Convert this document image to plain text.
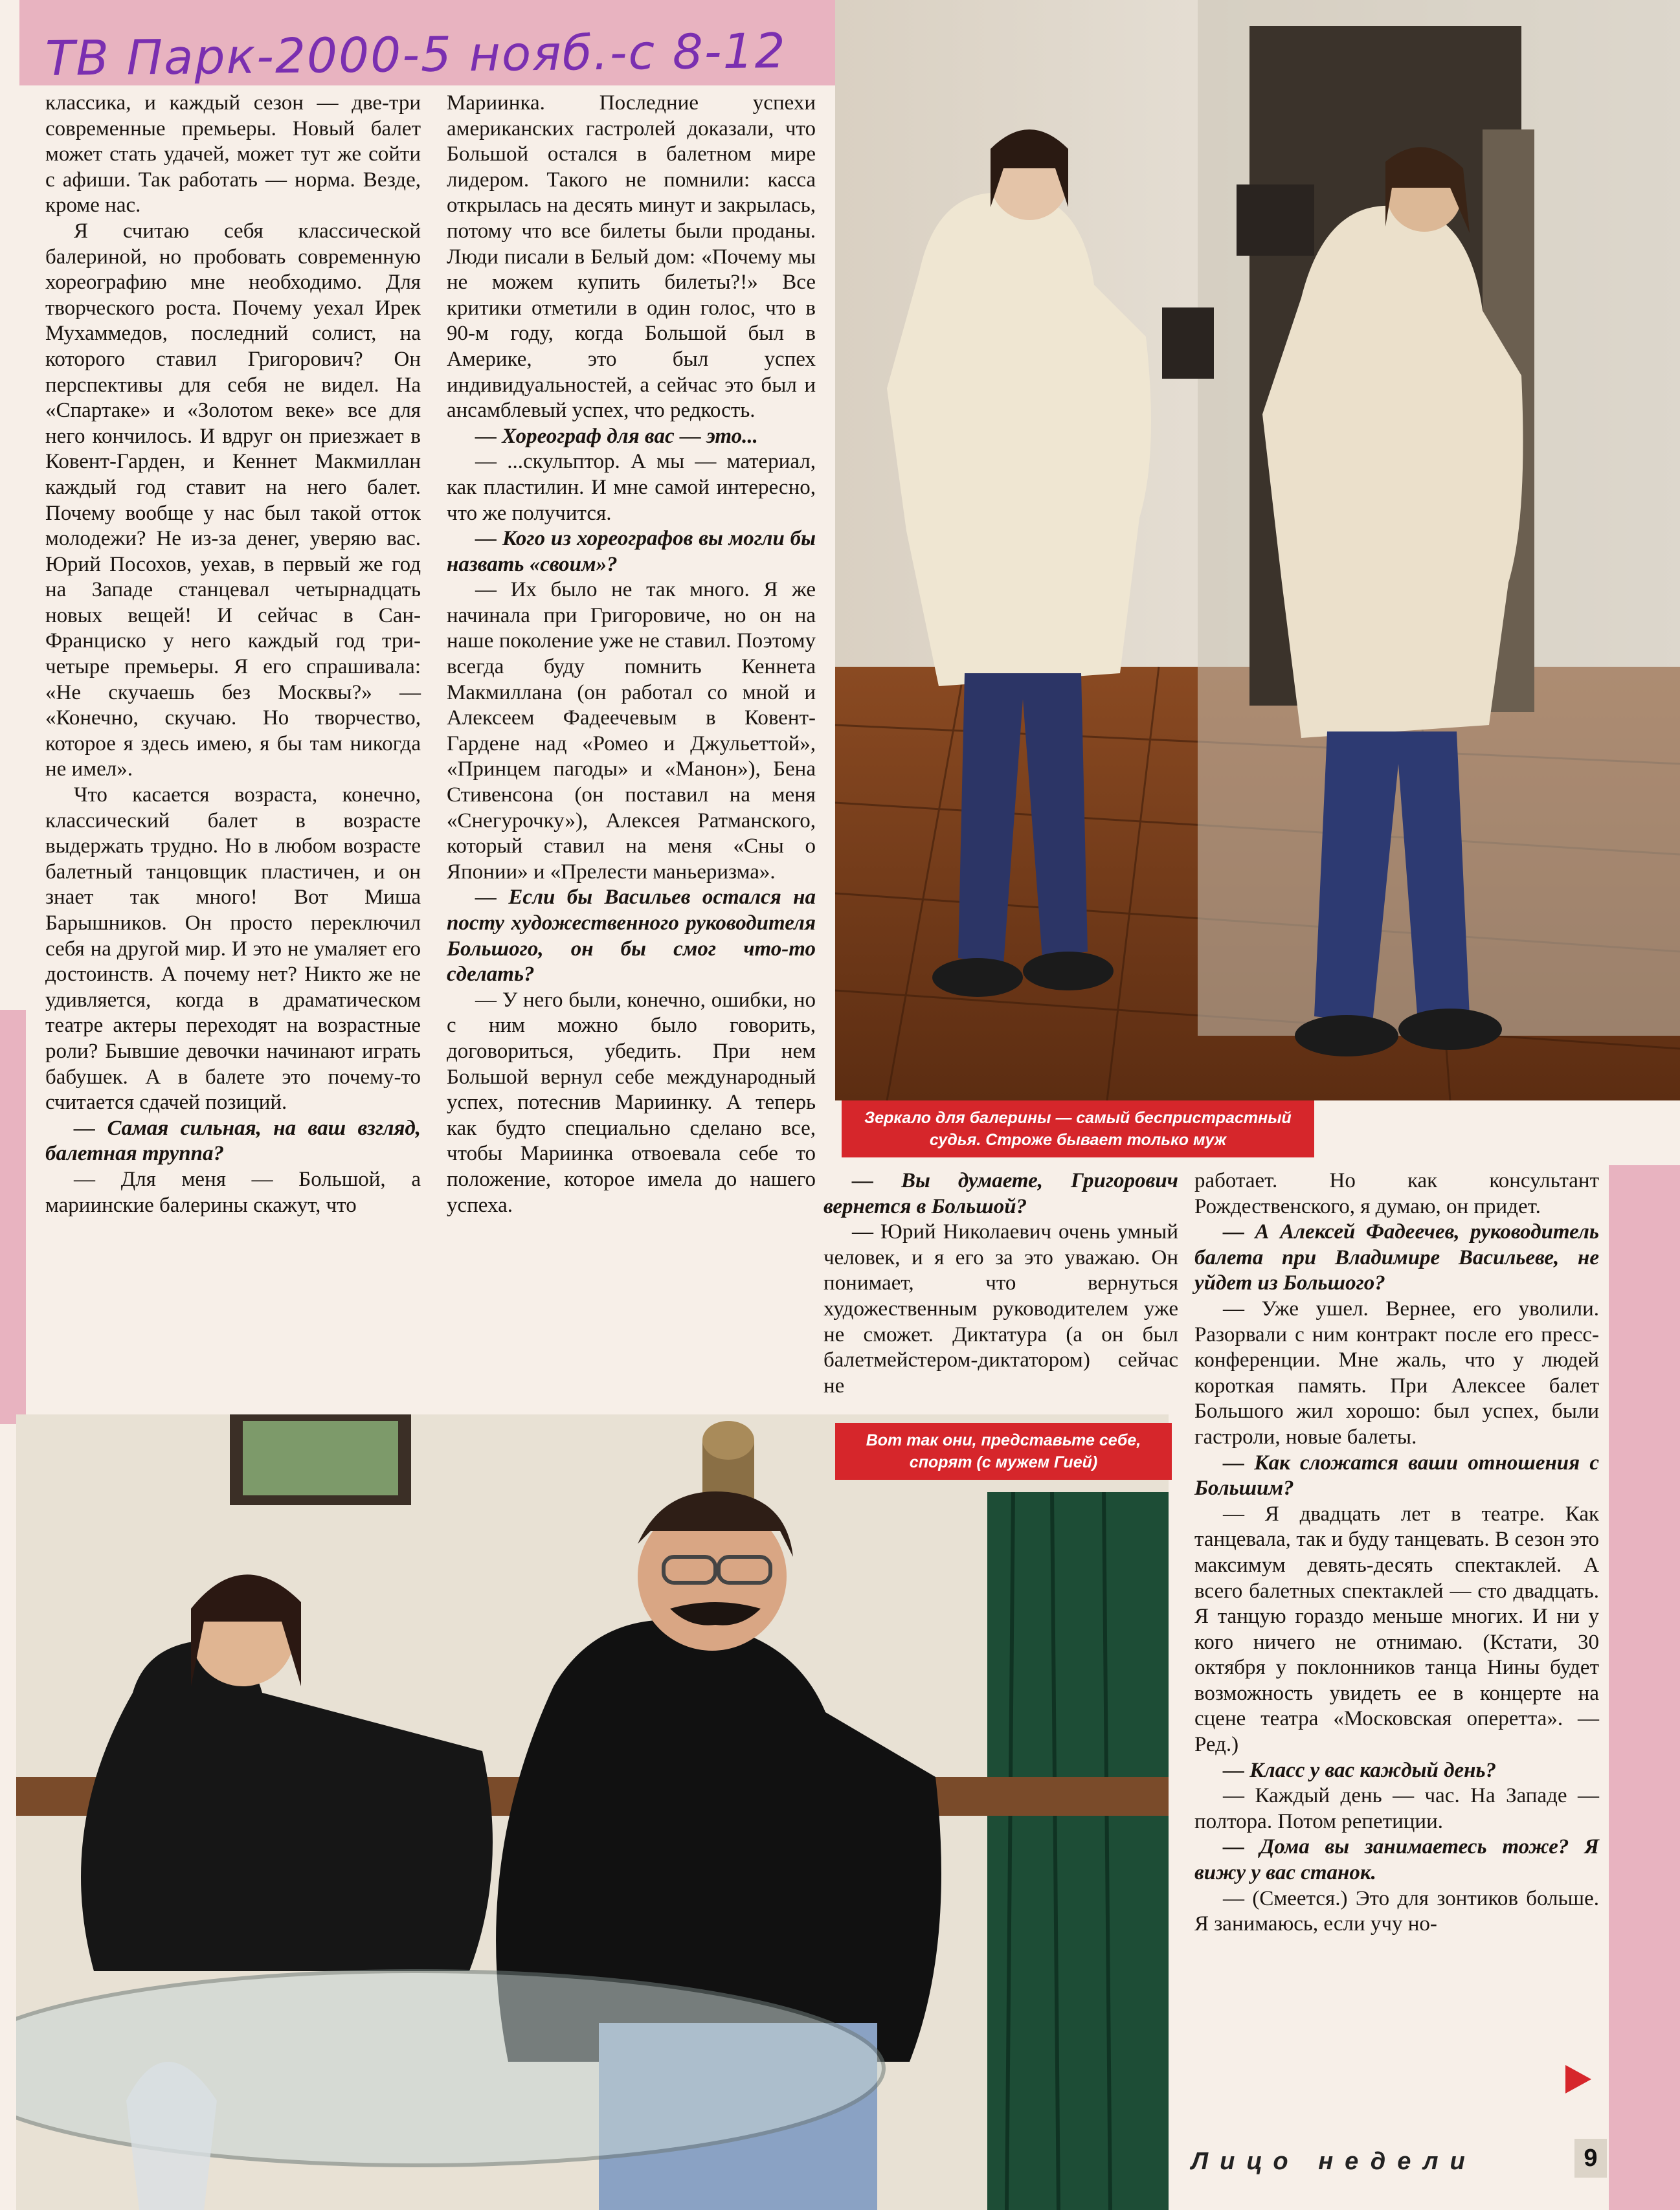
ТВ Парк-2000-5 нояб.-с 8-12

классика, и каждый сезон — две-три современные премьеры. Новый балет может стать удачей, может тут же сойти с афиши. Так работать — норма. Везде, кроме нас.

Я считаю себя классической балериной, но пробовать современную хореографию мне необходимо. Для творческого роста. Почему уехал Ирек Мухаммедов, последний солист, на которого ставил Григорович? Он перспективы для себя не видел. На «Спартаке» и «Золотом веке» все для него кончилось. И вдруг он приезжает в Ковент-Гарден, и Кеннет Макмиллан каждый год ставит на него балет. Почему вообще у нас был такой отток молодежи? Не из-за денег, уверяю вас. Юрий Посохов, уехав, в первый же год на Западе станцевал четырнадцать новых вещей! И сейчас в Сан-Франциско у него каждый год три-четыре премьеры. Я его спрашивала: «Не скучаешь без Москвы?» — «Конечно, скучаю. Но творчество, которое я здесь имею, я бы там никогда не имел».

Что касается возраста, конечно, классический балет в возрасте выдержать трудно. Но в любом возрасте балетный танцовщик пластичен, и он знает так много! Вот Миша Барышников. Он просто переключил себя на другой мир. И это не умаляет его достоинств. А почему нет? Никто же не удивляется, когда в драматическом театре актеры переходят на возрастные роли? Бывшие девочки начинают играть бабушек. А в балете это почему-то считается сдачей позиций.

— Самая сильная, на ваш взгляд, балетная труппа?

— Для меня — Большой, а мариинские балерины скажут, что

Мариинка. Последние успехи американских гастролей доказали, что Большой остался в балетном мире лидером. Такого не помнили: касса открылась на десять минут и закрылась, потому что все билеты были проданы. Люди писали в Белый дом: «Почему мы не можем купить билеты?!» Все критики отметили в один голос, что в 90-м году, когда Большой был в Америке, это был успех индивидуальностей, а сейчас это был и ансамблевый успех, что редкость.

— Хореограф для вас — это...

— ...скульптор. А мы — материал, как пластилин. И мне самой интересно, что же получится.

— Кого из хореографов вы могли бы назвать «своим»?

— Их было не так много. Я же начинала при Григоровиче, но он на наше поколение уже не ставил. Поэтому всегда буду помнить Кеннета Макмиллана (он работал со мной и Алексеем Фадеечевым в Ковент-Гардене над «Ромео и Джульеттой», «Принцем пагоды» и «Манон»), Бена Стивенсона (он поставил на меня «Снегурочку»), Алексея Ратманского, который ставил на меня «Сны о Японии» и «Прелести маньеризма».

— Если бы Васильев остался на посту художественного руководителя Большого, он бы смог что-то сделать?

— У него были, конечно, ошибки, но с ним можно было говорить, договориться, убедить. При нем Большой вернул себе международный успех, потеснив Мариинку. А теперь как будто специально сделано все, чтобы Мариинка отвоевала себе то положение, которое имела до нашего успеха.

— Вы думаете, Григорович вернется в Большой?

— Юрий Николаевич очень умный человек, и я его за это уважаю. Он понимает, что вернуться художественным руководителем уже не сможет. Диктатура (а он был балетмейстером-диктатором) сейчас не

работает. Но как консультант Рождественского, я думаю, он придет.

— А Алексей Фадеечев, руководитель балета при Владимире Васильеве, не уйдет из Большого?

— Уже ушел. Вернее, его уволили. Разорвали с ним контракт после его пресс-конференции. Мне жаль, что у людей короткая память. При Алексее балет Большого жил хорошо: был успех, были гастроли, новые балеты.

— Как сложатся ваши отношения с Большим?

— Я двадцать лет в театре. Как танцевала, так и буду танцевать. В сезон это максимум девять-десять спектаклей. А всего балетных спектаклей — сто двадцать. Я танцую гораздо меньше многих. И ни у кого ничего не отнимаю. (Кстати, 30 октября у поклонников танца Нины будет возможность увидеть ее в концерте на сцене театра «Московская оперетта». — Ред.)

— Класс у вас каждый день?

— Каждый день — час. На Западе — полтора. Потом репетиции.

— Дома вы занимаетесь тоже? Я вижу у вас станок.

— (Смеется.) Это для зонтиков больше. Я занимаюсь, если учу но-

Зеркало для балерины — самый беспристрастный судья. Строже бывает только муж
Вот так они, представьте себе, спорят (с мужем Гией)
Лицо недели	9
